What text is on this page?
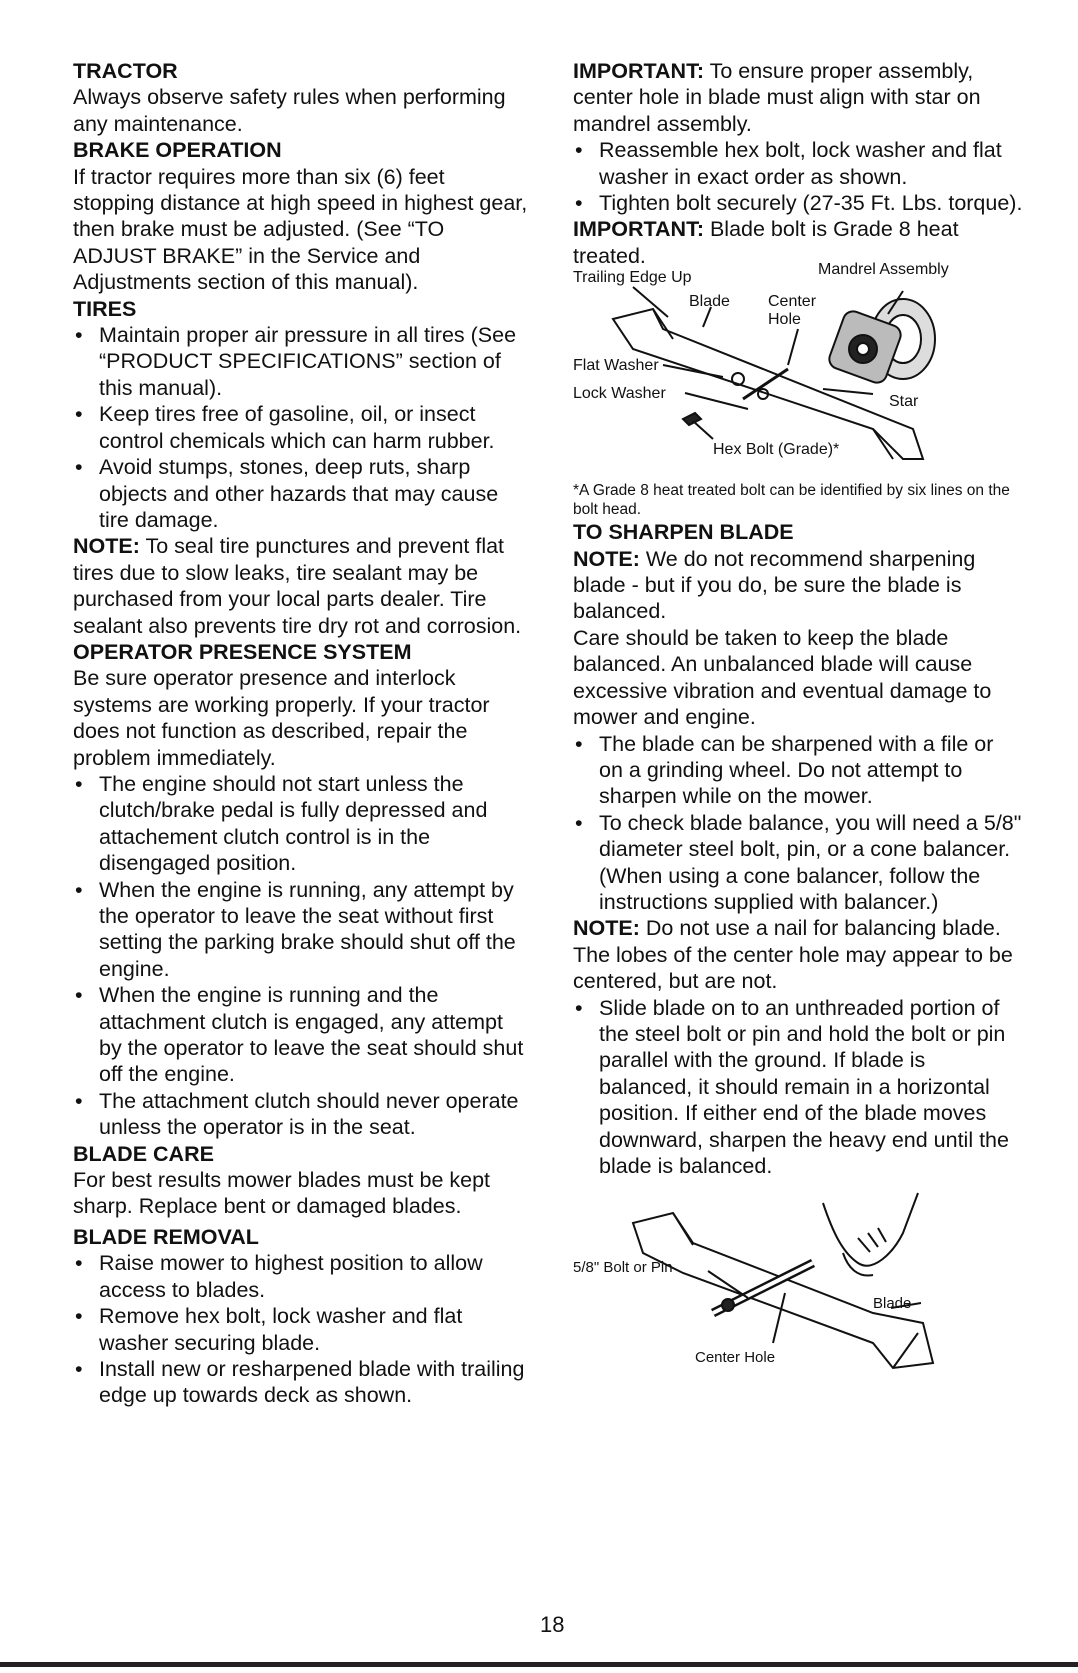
TRACTOR

Always observe safety rules when performing any maintenance.

BRAKE OPERATION

If tractor requires more than six (6) feet stopping distance at high speed in highest gear, then brake must be adjusted. (See “TO ADJUST BRAKE” in the Service and Adjustments section of this manual).

TIRES

• Maintain proper air pressure in all tires (See “PRODUCT SPECIFICATIONS” section of this manual).
• Keep tires free of gasoline, oil, or insect control chemicals which can harm rubber.
• Avoid stumps, stones, deep ruts, sharp objects and other hazards that may cause tire damage.

NOTE: To seal tire punctures and prevent flat tires due to slow leaks, tire sealant may be purchased from your local parts dealer. Tire sealant also prevents tire dry rot and corrosion.

OPERATOR PRESENCE SYSTEM

Be sure operator presence and interlock systems are working properly. If your tractor does not function as described, repair the problem immediately.

• The engine should not start unless the clutch/brake pedal is fully depressed and attachement clutch control is in the disengaged position.
• When the engine is running, any attempt by the operator to leave the seat without first setting the parking brake should shut off the engine.
• When the engine is running and the attachment clutch is engaged, any attempt by the operator to leave the seat should shut off the engine.
• The attachment clutch should never operate unless the operator is in the seat.

BLADE CARE

For best results mower blades must be kept sharp. Replace bent or damaged blades.

BLADE REMOVAL

• Raise mower to highest position to allow access to blades.
• Remove hex bolt, lock washer and flat washer securing blade.
• Install new or resharpened blade with trailing edge up towards deck as shown.

IMPORTANT: To ensure proper assembly, center hole in blade must align with star on mandrel assembly.

• Reassemble hex bolt, lock washer and flat washer in exact order as shown.
• Tighten bolt securely (27-35 Ft. Lbs. torque).

IMPORTANT: Blade bolt is Grade 8 heat treated.

Trailing Edge Up	Mandrel Assembly
Blade Center Hole
Flat Washer
Lock Washer	Star
Hex Bolt (Grade)*

*A Grade 8 heat treated bolt can be identified by six lines on the bolt head.

TO SHARPEN BLADE

NOTE: We do not recommend sharpening blade - but if you do, be sure the blade is balanced.

Care should be taken to keep the blade balanced. An unbalanced blade will cause excessive vibration and eventual damage to mower and engine.

• The blade can be sharpened with a file or on a grinding wheel. Do not attempt to sharpen while on the mower.
• To check blade balance, you will need a 5/8" diameter steel bolt, pin, or a cone balancer. (When using a cone balancer, follow the instructions supplied with balancer.)

NOTE: Do not use a nail for balancing blade. The lobes of the center hole may appear to be centered, but are not.

• Slide blade on to an unthreaded portion of the steel bolt or pin and hold the bolt or pin parallel with the ground. If blade is balanced, it should remain in a horizontal position. If either end of the blade moves downward, sharpen the heavy end until the blade is balanced.
5/8" Bolt or Pin
Blade
Center Hole
18
